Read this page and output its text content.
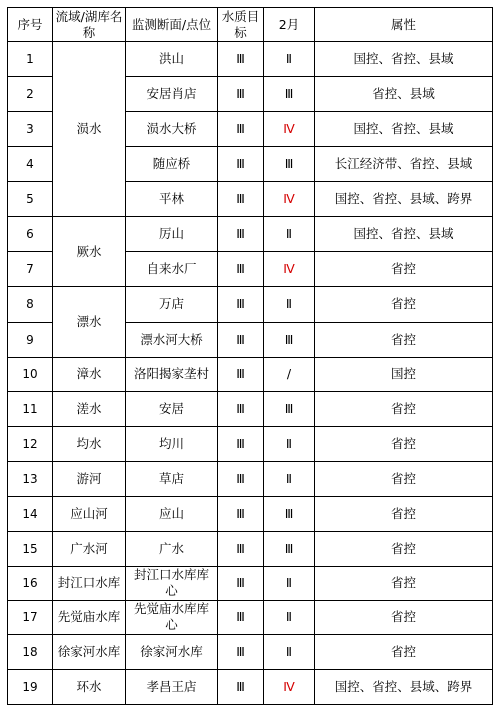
序号	流域/湖库名称	监测断面/点位	水质目标	2月	属性
1	涢水	洪山	Ⅲ	Ⅱ	国控、省控、县域
2		安居肖店	Ⅲ	Ⅲ	省控、县域
3		涢水大桥	Ⅲ	Ⅳ	国控、省控、县域
4		随应桥	Ⅲ	Ⅲ	长江经济带、省控、县域
5		平林	Ⅲ	Ⅳ	国控、省控、县域、跨界
6	厥水	厉山	Ⅲ	Ⅱ	国控、省控、县域
7		自来水厂	Ⅲ	Ⅳ	省控
8	漂水	万店	Ⅲ	Ⅱ	省控
9		漂水河大桥	Ⅲ	Ⅲ	省控
10	漳水	洛阳揭家垄村	Ⅲ	/	国控
11	溠水	安居	Ⅲ	Ⅲ	省控
12	均水	均川	Ⅲ	Ⅱ	省控
13	游河	草店	Ⅲ	Ⅱ	省控
14	应山河	应山	Ⅲ	Ⅲ	省控
15	广水河	广水	Ⅲ	Ⅲ	省控
16	封江口水库	封江口水库库心	Ⅲ	Ⅱ	省控
17	先觉庙水库	先觉庙水库库心	Ⅲ	Ⅱ	省控
18	徐家河水库	徐家河水库	Ⅲ	Ⅱ	省控
19	环水	孝昌王店	Ⅲ	Ⅳ	国控、省控、县域、跨界
